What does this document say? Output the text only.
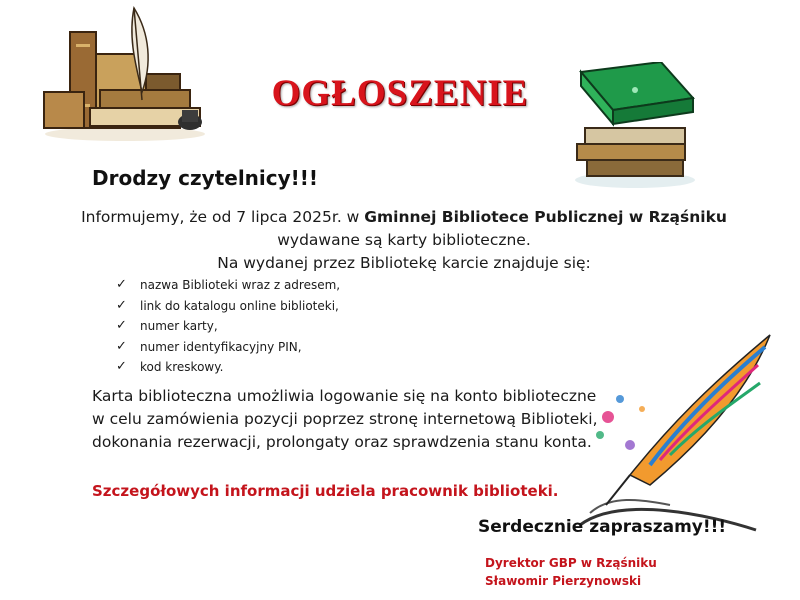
OGŁOSZENIE
Drodzy czytelnicy!!!
Informujemy, że od 7 lipca 2025r. w Gminnej Bibliotece Publicznej w Rząśniku
wydawane są karty biblioteczne.
Na wydanej przez Bibliotekę karcie znajduje się:
✓	nazwa Biblioteki wraz z adresem,
✓	link do katalogu online biblioteki,
✓	numer karty,
✓	numer identyfikacyjny PIN,
✓	kod kreskowy.
Karta biblioteczna umożliwia logowanie się na konto biblioteczne
w celu zamówienia pozycji poprzez stronę internetową Biblioteki,
dokonania rezerwacji, prolongaty oraz sprawdzenia stanu konta.
Szczegółowych informacji udziela pracownik biblioteki.
Serdecznie zapraszamy!!!
Dyrektor GBP w Rząśniku
Sławomir Pierzynowski
